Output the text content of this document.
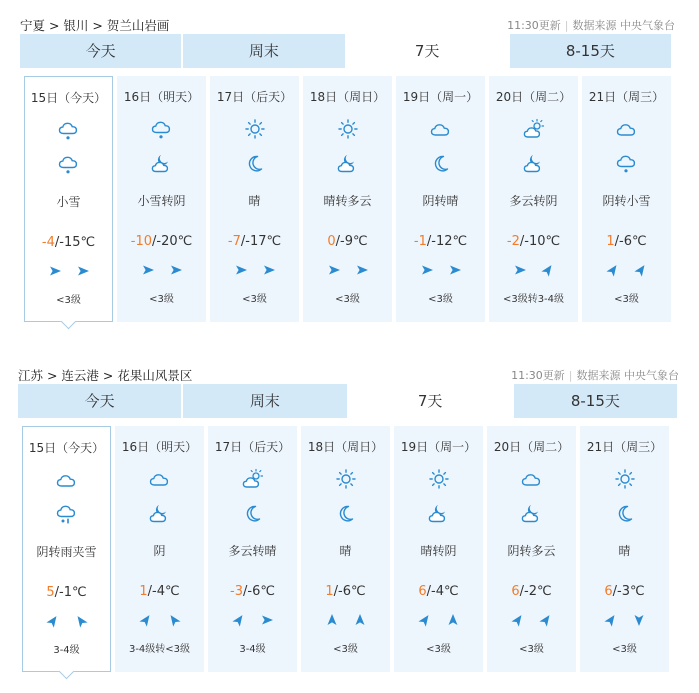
宁夏 > 银川 > 贺兰山岩画	11:30更新 | 数据来源 中央气象台
今天	周末	7天	8-15天
15日（今天）
小雪
-4/-15℃
<3级
16日（明天）
小雪转阴
-10/-20℃
<3级
17日（后天）
晴
-7/-17℃
<3级
18日（周日）
晴转多云
0/-9℃
<3级
19日（周一）
阴转晴
-1/-12℃
<3级
20日（周二）
多云转阴
-2/-10℃
<3级转3-4级
21日（周三）
阴转小雪
1/-6℃
<3级
江苏 > 连云港 > 花果山风景区	11:30更新 | 数据来源 中央气象台
今天	周末	7天	8-15天
15日（今天）
阴转雨夹雪
5/-1℃
3-4级
16日（明天）
阴
1/-4℃
3-4级转<3级
17日（后天）
多云转晴
-3/-6℃
3-4级
18日（周日）
晴
1/-6℃
<3级
19日（周一）
晴转阴
6/-4℃
<3级
20日（周二）
阴转多云
6/-2℃
<3级
21日（周三）
晴
6/-3℃
<3级
